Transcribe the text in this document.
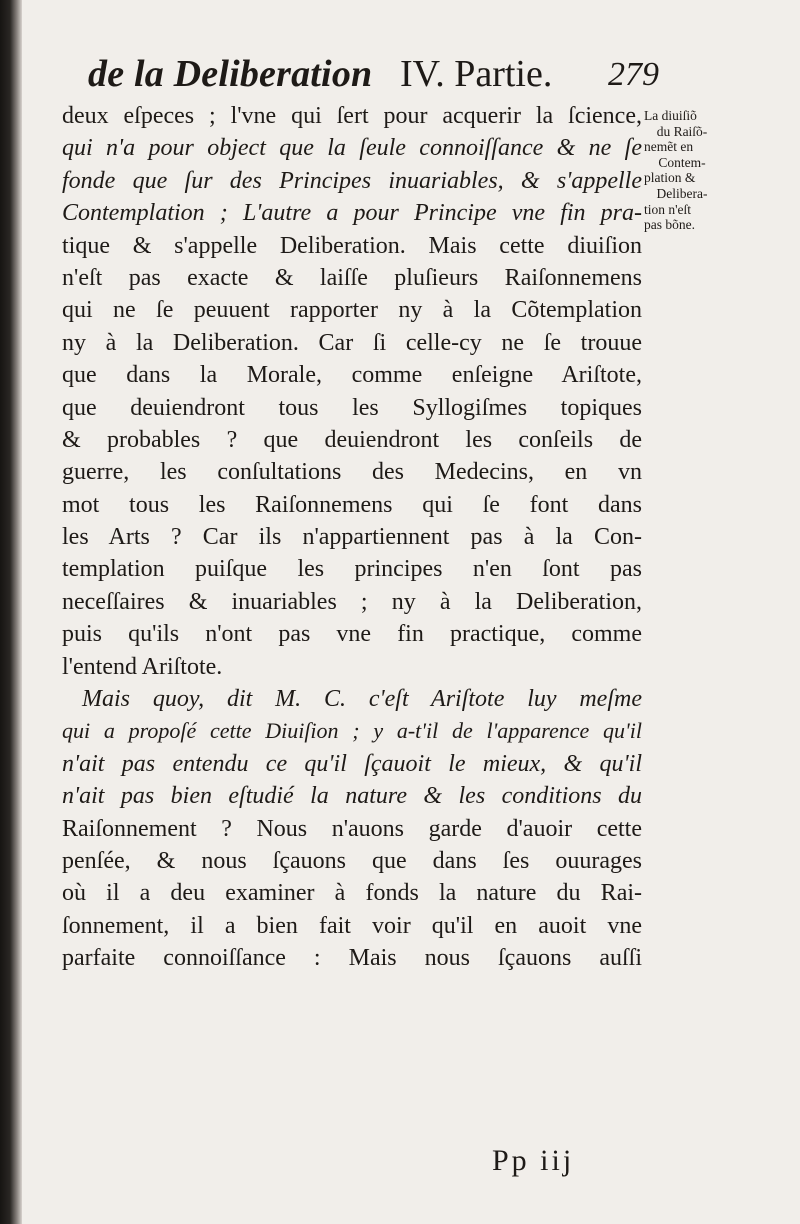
de la Deliberation IV. Partie. 279
deux eſpeces ; l'vne qui ſert pour acquerir la ſcience,
qui n'a pour object que la ſeule connoiſſance & ne ſe
fonde que ſur des Principes inuariables, & s'appelle
Contemplation ; L'autre a pour Principe vne fin pra-
tique & s'appelle Deliberation. Mais cette diuiſion
n'eſt pas exacte & laiſſe pluſieurs Raiſonnemens
qui ne ſe peuuent rapporter ny à la Cõtemplation
ny à la Deliberation. Car ſi celle-cy ne ſe trouue
que dans la Morale, comme enſeigne Ariſtote,
que deuiendront tous les Syllogiſmes topiques
& probables ? que deuiendront les conſeils de
guerre, les conſultations des Medecins, en vn
mot tous les Raiſonnemens qui ſe font dans
les Arts ? Car ils n'appartiennent pas à la Con-
templation puiſque les principes n'en ſont pas
neceſſaires & inuariables ; ny à la Deliberation,
puis qu'ils n'ont pas vne fin practique, comme
l'entend Ariſtote.
Mais quoy, dit M. C. c'eſt Ariſtote luy meſme
qui a propoſé cette Diuiſion ; y a-t'il de l'apparence qu'il
n'ait pas entendu ce qu'il ſçauoit le mieux, & qu'il
n'ait pas bien eſtudié la nature & les conditions du
Raiſonnement ? Nous n'auons garde d'auoir cette
penſée, & nous ſçauons que dans ſes ouurages
où il a deu examiner à fonds la nature du Rai-
ſonnement, il a bien fait voir qu'il en auoit vne
parfaite connoiſſance : Mais nous ſçauons auſſi
La diuiſiõ
du Raiſõ-
nemẽt en
Contem-
plation &
Delibera-
tion n'eſt
pas bõne.
Pp iij
